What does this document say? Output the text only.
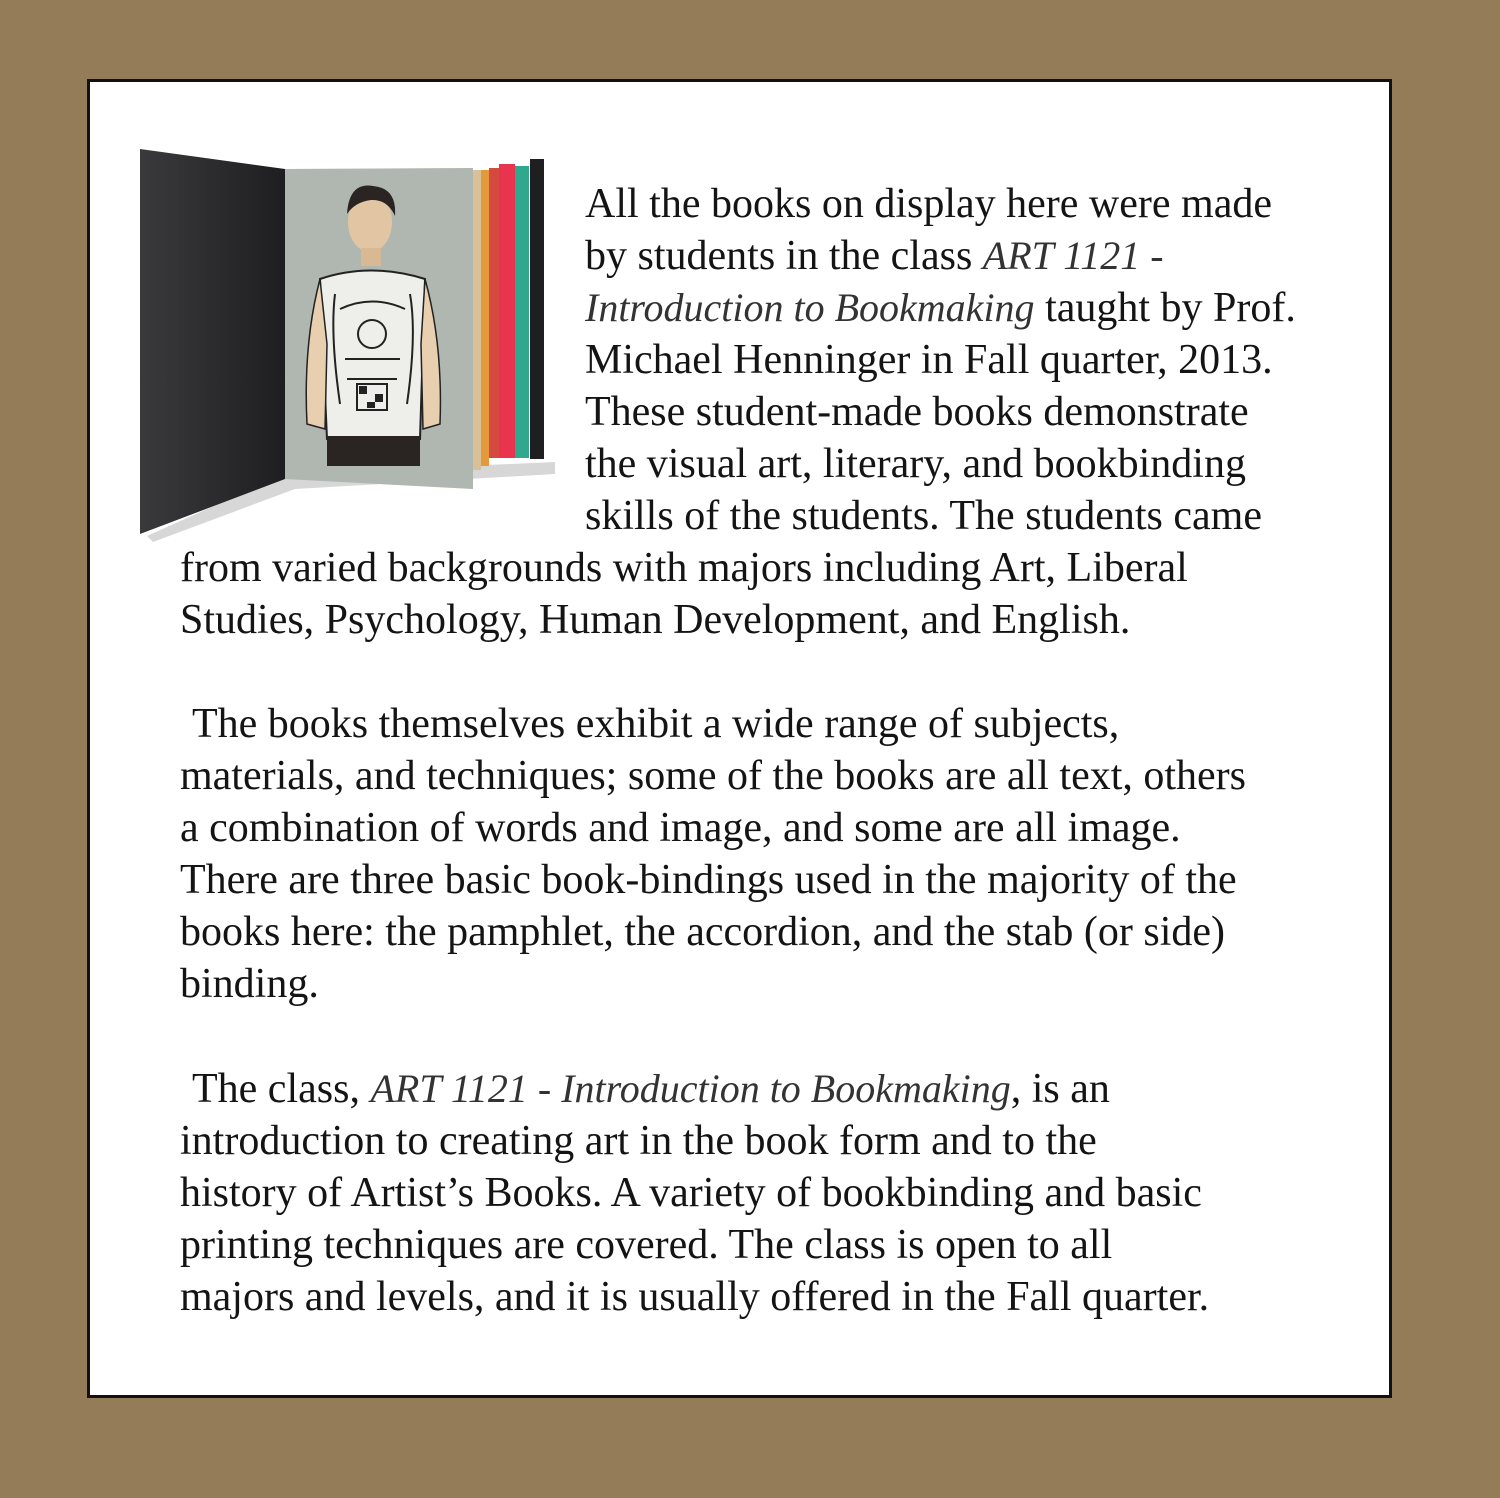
All the books on display here were made
by students in the class ART 1121 -
Introduction to Bookmaking taught by Prof.
Michael Henninger in Fall quarter, 2013.
These student-made books demonstrate
the visual art, literary, and bookbinding
skills of the students. The students came

from varied backgrounds with majors including Art, Liberal
Studies, Psychology, Human Development, and English.

The books themselves exhibit a wide range of subjects,
materials, and techniques; some of the books are all text, others
a combination of words and image, and some are all image.
There are three basic book-bindings used in the majority of the
books here: the pamphlet, the accordion, and the stab (or side)
binding.

The class, ART 1121 - Introduction to Bookmaking, is an
introduction to creating art in the book form and to the
history of Artist’s Books. A variety of bookbinding and basic
printing techniques are covered. The class is open to all
majors and levels, and it is usually offered in the Fall quarter.
